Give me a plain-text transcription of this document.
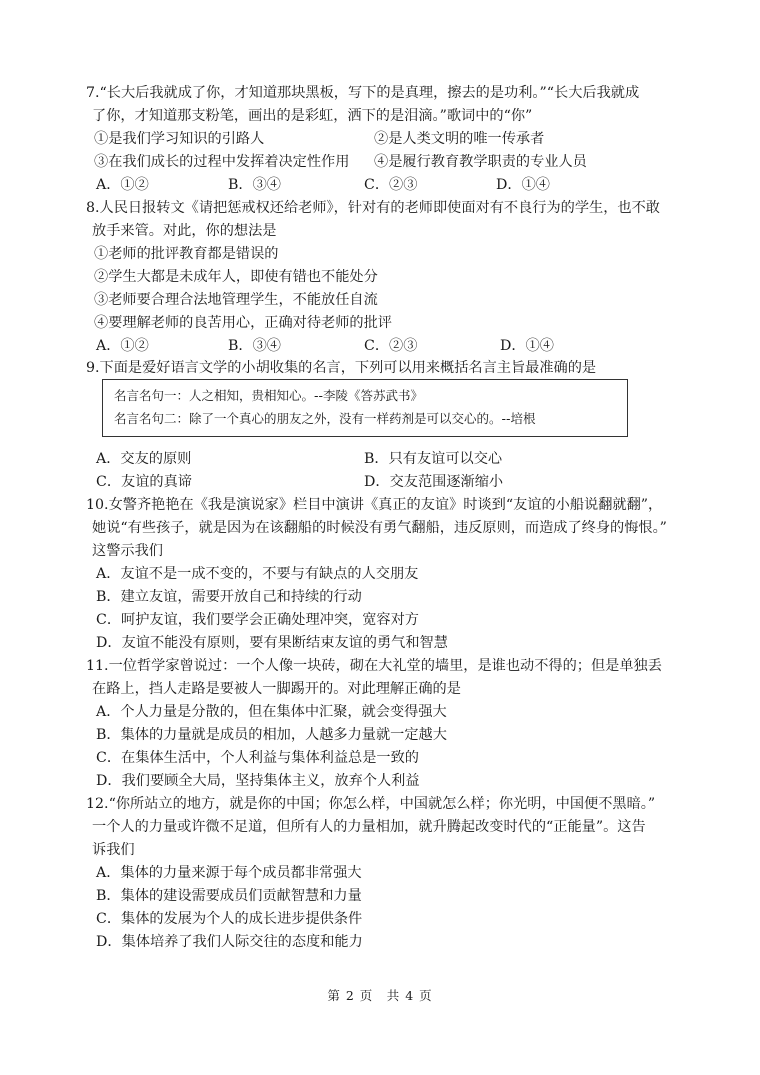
7.“长大后我就成了你，才知道那块黑板，写下的是真理，擦去的是功利。”“长大后我就成
了你，才知道那支粉笔，画出的是彩虹，洒下的是泪滴。”歌词中的“你”
①是我们学习知识的引路人	②是人类文明的唯一传承者
③在我们成长的过程中发挥着决定性作用 ④是履行教育教学职责的专业人员
A．①②	B．③④	C．②③	D．①④
8.人民日报转文《请把惩戒权还给老师》，针对有的老师即使面对有不良行为的学生，也不敢
放手来管。对此，你的想法是
①老师的批评教育都是错误的
②学生大都是未成年人，即使有错也不能处分
③老师要合理合法地管理学生，不能放任自流
④要理解老师的良苦用心，正确对待老师的批评
A．①②	B．③④	C．②③	D．①④
9.下面是爱好语言文学的小胡收集的名言，下列可以用来概括名言主旨最准确的是
名言名句一：人之相知，贵相知心。--李陵《答苏武书》
名言名句二：除了一个真心的朋友之外，没有一样药剂是可以交心的。--培根
A．交友的原则	B．只有友谊可以交心
C．友谊的真谛	D．交友范围逐渐缩小
10.女警齐艳艳在《我是演说家》栏目中演讲《真正的友谊》时谈到“友谊的小船说翻就翻”，
她说“有些孩子，就是因为在该翻船的时候没有勇气翻船，违反原则，而造成了终身的悔恨。”
这警示我们
A．友谊不是一成不变的，不要与有缺点的人交朋友
B．建立友谊，需要开放自己和持续的行动
C．呵护友谊，我们要学会正确处理冲突，宽容对方
D．友谊不能没有原则，要有果断结束友谊的勇气和智慧
11.一位哲学家曾说过：一个人像一块砖，砌在大礼堂的墙里，是谁也动不得的；但是单独丢
在路上，挡人走路是要被人一脚踢开的。对此理解正确的是
A．个人力量是分散的，但在集体中汇聚，就会变得强大
B．集体的力量就是成员的相加，人越多力量就一定越大
C．在集体生活中，个人利益与集体利益总是一致的
D．我们要顾全大局，坚持集体主义，放弃个人利益
12.“你所站立的地方，就是你的中国；你怎么样，中国就怎么样；你光明，中国便不黑暗。”
一个人的力量或许微不足道，但所有人的力量相加，就升腾起改变时代的“正能量”。这告
诉我们
A．集体的力量来源于每个成员都非常强大
B．集体的建设需要成员们贡献智慧和力量
C．集体的发展为个人的成长进步提供条件
D．集体培养了我们人际交往的态度和能力
第 2 页　共 4 页
